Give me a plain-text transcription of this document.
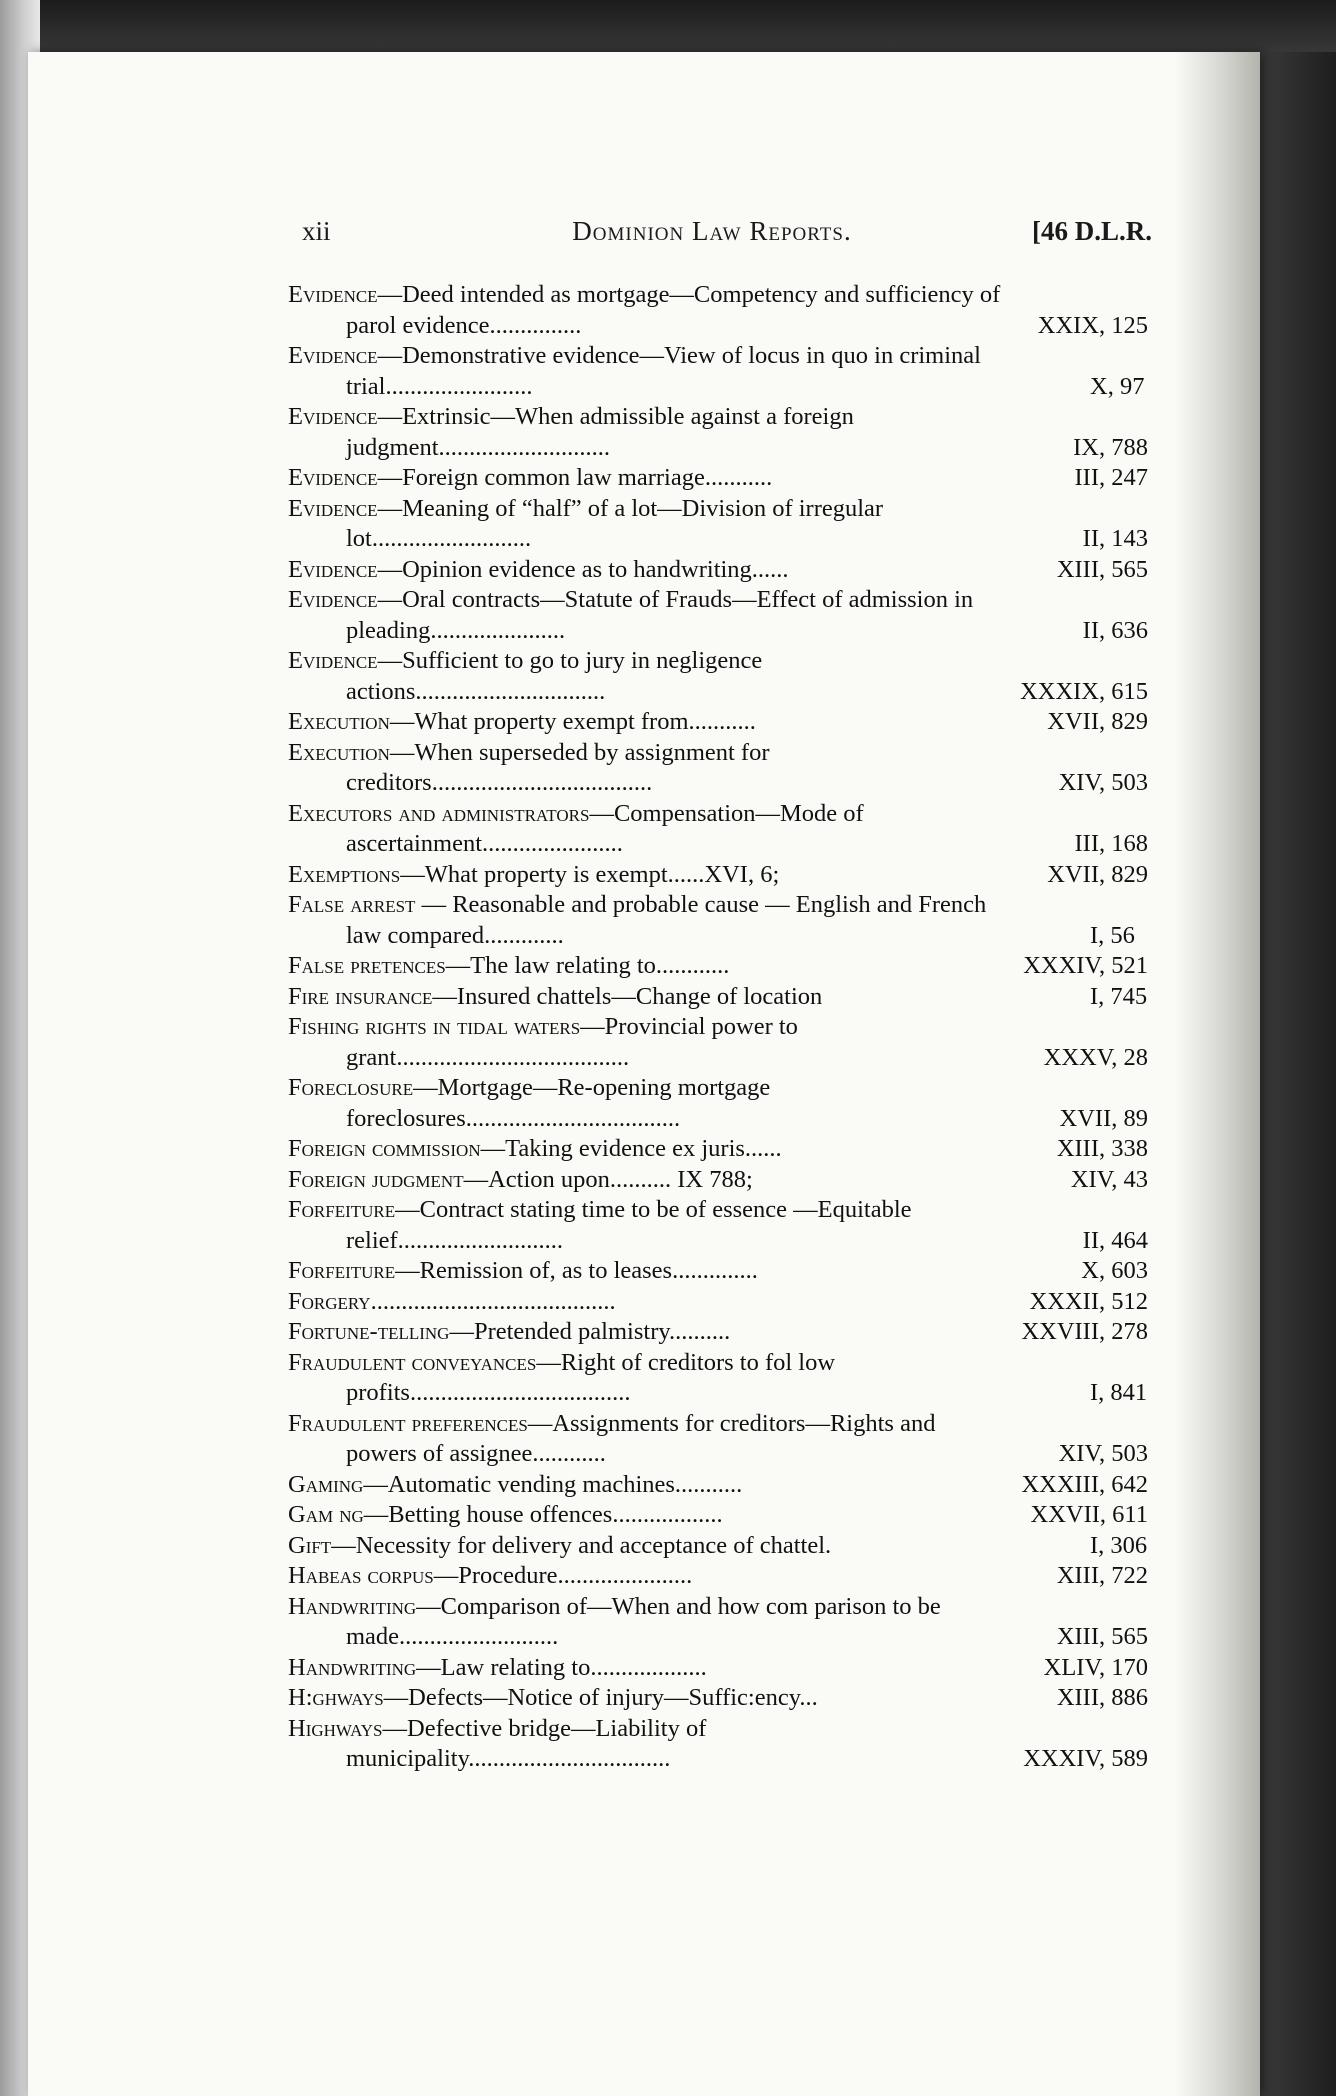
xii	Dominion Law Reports.	[46 D.L.R.
Evidence—Deed intended as mortgage—Competency and sufficiency of parol evidence...............	XXIX, 125
Evidence—Demonstrative evidence—View of locus in quo in criminal trial........................	X, 97
Evidence—Extrinsic—When admissible against a foreign judgment............................	IX, 788
Evidence—Foreign common law marriage...........	III, 247
Evidence—Meaning of “half” of a lot—Division of irregular lot..........................	II, 143
Evidence—Opinion evidence as to handwriting......	XIII, 565
Evidence—Oral contracts—Statute of Frauds—Effect of admission in pleading......................	II, 636
Evidence—Sufficient to go to jury in negligence actions...............................	XXXIX, 615
Execution—What property exempt from...........	XVII, 829
Execution—When superseded by assignment for creditors....................................	XIV, 503
Executors and administrators—Compensation—Mode of ascertainment.......................	III, 168
Exemptions—What property is exempt......XVI, 6;	XVII, 829
False arrest — Reasonable and probable cause — English and French law compared.............	I, 56
False pretences—The law relating to............	XXXIV, 521
Fire insurance—Insured chattels—Change of location	I, 745
Fishing rights in tidal waters—Provincial power to grant......................................	XXXV, 28
Foreclosure—Mortgage—Re-opening mortgage foreclosures...................................	XVII, 89
Foreign commission—Taking evidence ex juris......	XIII, 338
Foreign judgment—Action upon.......... IX 788;	XIV, 43
Forfeiture—Contract stating time to be of essence —Equitable relief...........................	II, 464
Forfeiture—Remission of, as to leases..............	X, 603
Forgery........................................	XXXII, 512
Fortune-telling—Pretended palmistry..........	XXVIII, 278
Fraudulent conveyances—Right of creditors to fol low profits....................................	I, 841
Fraudulent preferences—Assignments for creditors—Rights and powers of assignee............	XIV, 503
Gaming—Automatic vending machines...........	XXXIII, 642
Gam ng—Betting house offences..................	XXVII, 611
Gift—Necessity for delivery and acceptance of chattel.	I, 306
Habeas corpus—Procedure......................	XIII, 722
Handwriting—Comparison of—When and how com parison to be made..........................	XIII, 565
Handwriting—Law relating to...................	XLIV, 170
H:ghways—Defects—Notice of injury—Suffic:ency...	XIII, 886
Highways—Defective bridge—Liability of municipality.................................	XXXIV, 589
